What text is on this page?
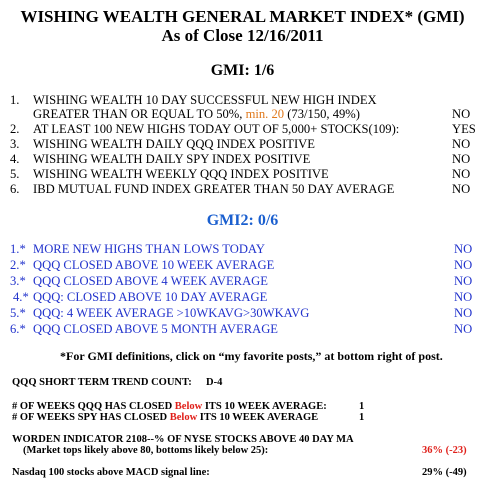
WISHING WEALTH GENERAL MARKET INDEX* (GMI)
As of Close 12/16/2011
GMI: 1/6
1. WISHING WEALTH 10 DAY SUCCESSFUL NEW HIGH INDEX
GREATER THAN OR EQUAL TO 50%, min. 20 (73/150, 49%)	NO
2. AT LEAST 100 NEW HIGHS TODAY OUT OF 5,000+ STOCKS(109):	YES
3. WISHING WEALTH DAILY QQQ INDEX POSITIVE	NO
4. WISHING WEALTH DAILY SPY INDEX POSITIVE	NO
5. WISHING WEALTH WEEKLY QQQ INDEX POSITIVE	NO
6. IBD MUTUAL FUND INDEX GREATER THAN 50 DAY AVERAGE	NO
GMI2: 0/6
1.* MORE NEW HIGHS THAN LOWS TODAY	NO
2.* QQQ CLOSED ABOVE 10 WEEK AVERAGE	NO
3.* QQQ CLOSED ABOVE 4 WEEK AVERAGE	NO
4.* QQQ: CLOSED ABOVE 10 DAY AVERAGE	NO
5.* QQQ: 4 WEEK AVERAGE >10WKAVG>30WKAVG	NO
6.* QQQ CLOSED ABOVE 5 MONTH AVERAGE	NO
*For GMI definitions, click on “my favorite posts,” at bottom right of post.
QQQ SHORT TERM TREND COUNT: D-4
# OF WEEKS QQQ HAS CLOSED Below ITS 10 WEEK AVERAGE:	1
# OF WEEKS SPY HAS CLOSED Below ITS 10 WEEK AVERAGE	1
WORDEN INDICATOR 2108--% OF NYSE STOCKS ABOVE 40 DAY MA
(Market tops likely above 80, bottoms likely below 25):	36% (-23)
Nasdaq 100 stocks above MACD signal line:	29% (-49)
